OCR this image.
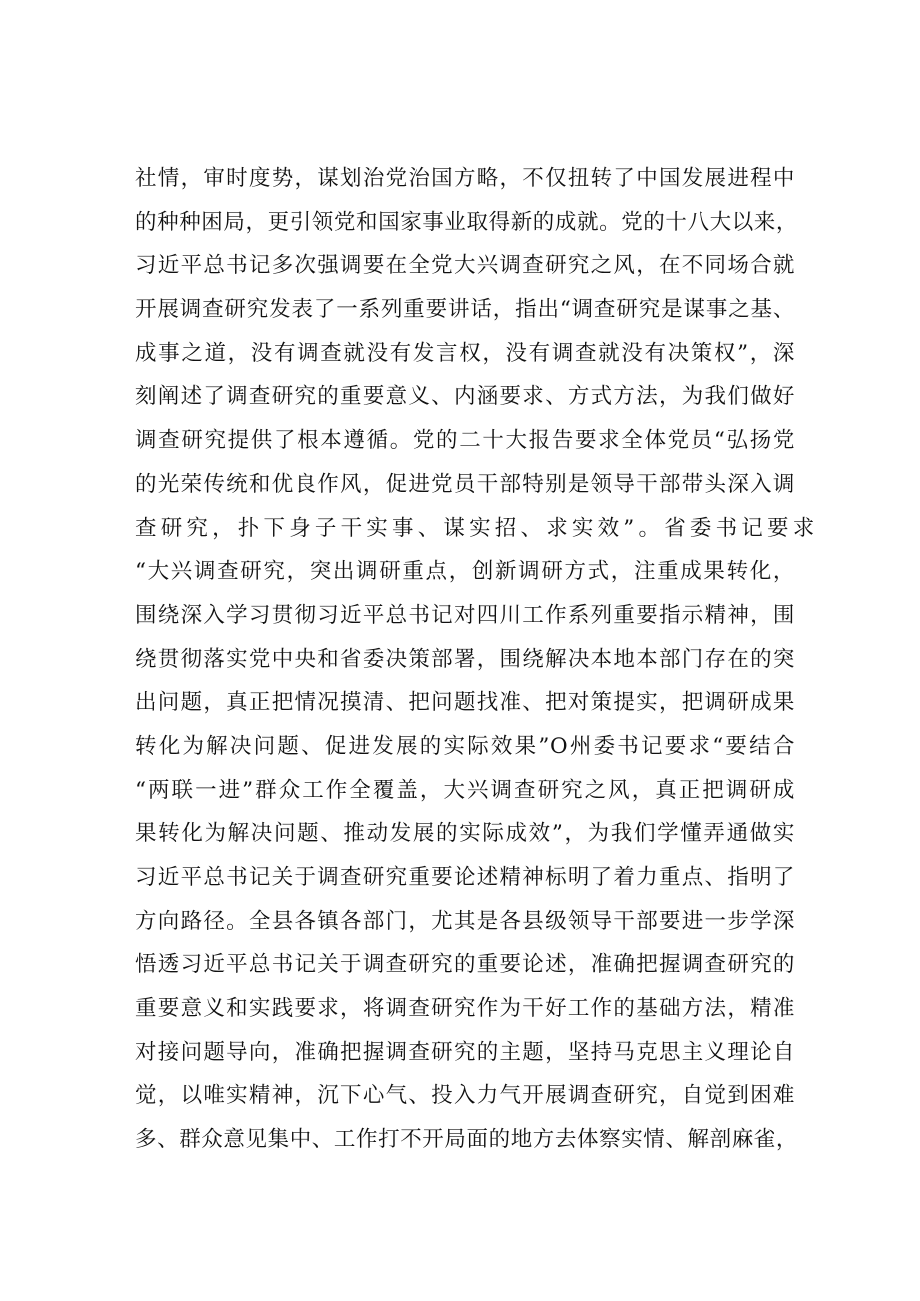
社情，审时度势，谋划治党治国方略，不仅扭转了中国发展进程中
的种种困局，更引领党和国家事业取得新的成就。党的十八大以来，
习近平总书记多次强调要在全党大兴调查研究之风，在不同场合就
开展调查研究发表了一系列重要讲话，指出“调查研究是谋事之基、
成事之道，没有调查就没有发言权，没有调查就没有决策权”，深
刻阐述了调查研究的重要意义、内涵要求、方式方法，为我们做好
调查研究提供了根本遵循。党的二十大报告要求全体党员“弘扬党
的光荣传统和优良作风，促进党员干部特别是领导干部带头深入调
查研究，扑下身子干实事、谋实招、求实效”。省委书记要求
“大兴调查研究，突出调研重点，创新调研方式，注重成果转化，
围绕深入学习贯彻习近平总书记对四川工作系列重要指示精神，围
绕贯彻落实党中央和省委决策部署，围绕解决本地本部门存在的突
出问题，真正把情况摸清、把问题找准、把对策提实，把调研成果
转化为解决问题、促进发展的实际效果”O州委书记要求“要结合
“两联一进”群众工作全覆盖，大兴调查研究之风，真正把调研成
果转化为解决问题、推动发展的实际成效”，为我们学懂弄通做实
习近平总书记关于调查研究重要论述精神标明了着力重点、指明了
方向路径。全县各镇各部门，尤其是各县级领导干部要进一步学深
悟透习近平总书记关于调查研究的重要论述，准确把握调查研究的
重要意义和实践要求，将调查研究作为干好工作的基础方法，精准
对接问题导向，准确把握调查研究的主题，坚持马克思主义理论自
觉，以唯实精神，沉下心气、投入力气开展调查研究，自觉到困难
多、群众意见集中、工作打不开局面的地方去体察实情、解剖麻雀，
